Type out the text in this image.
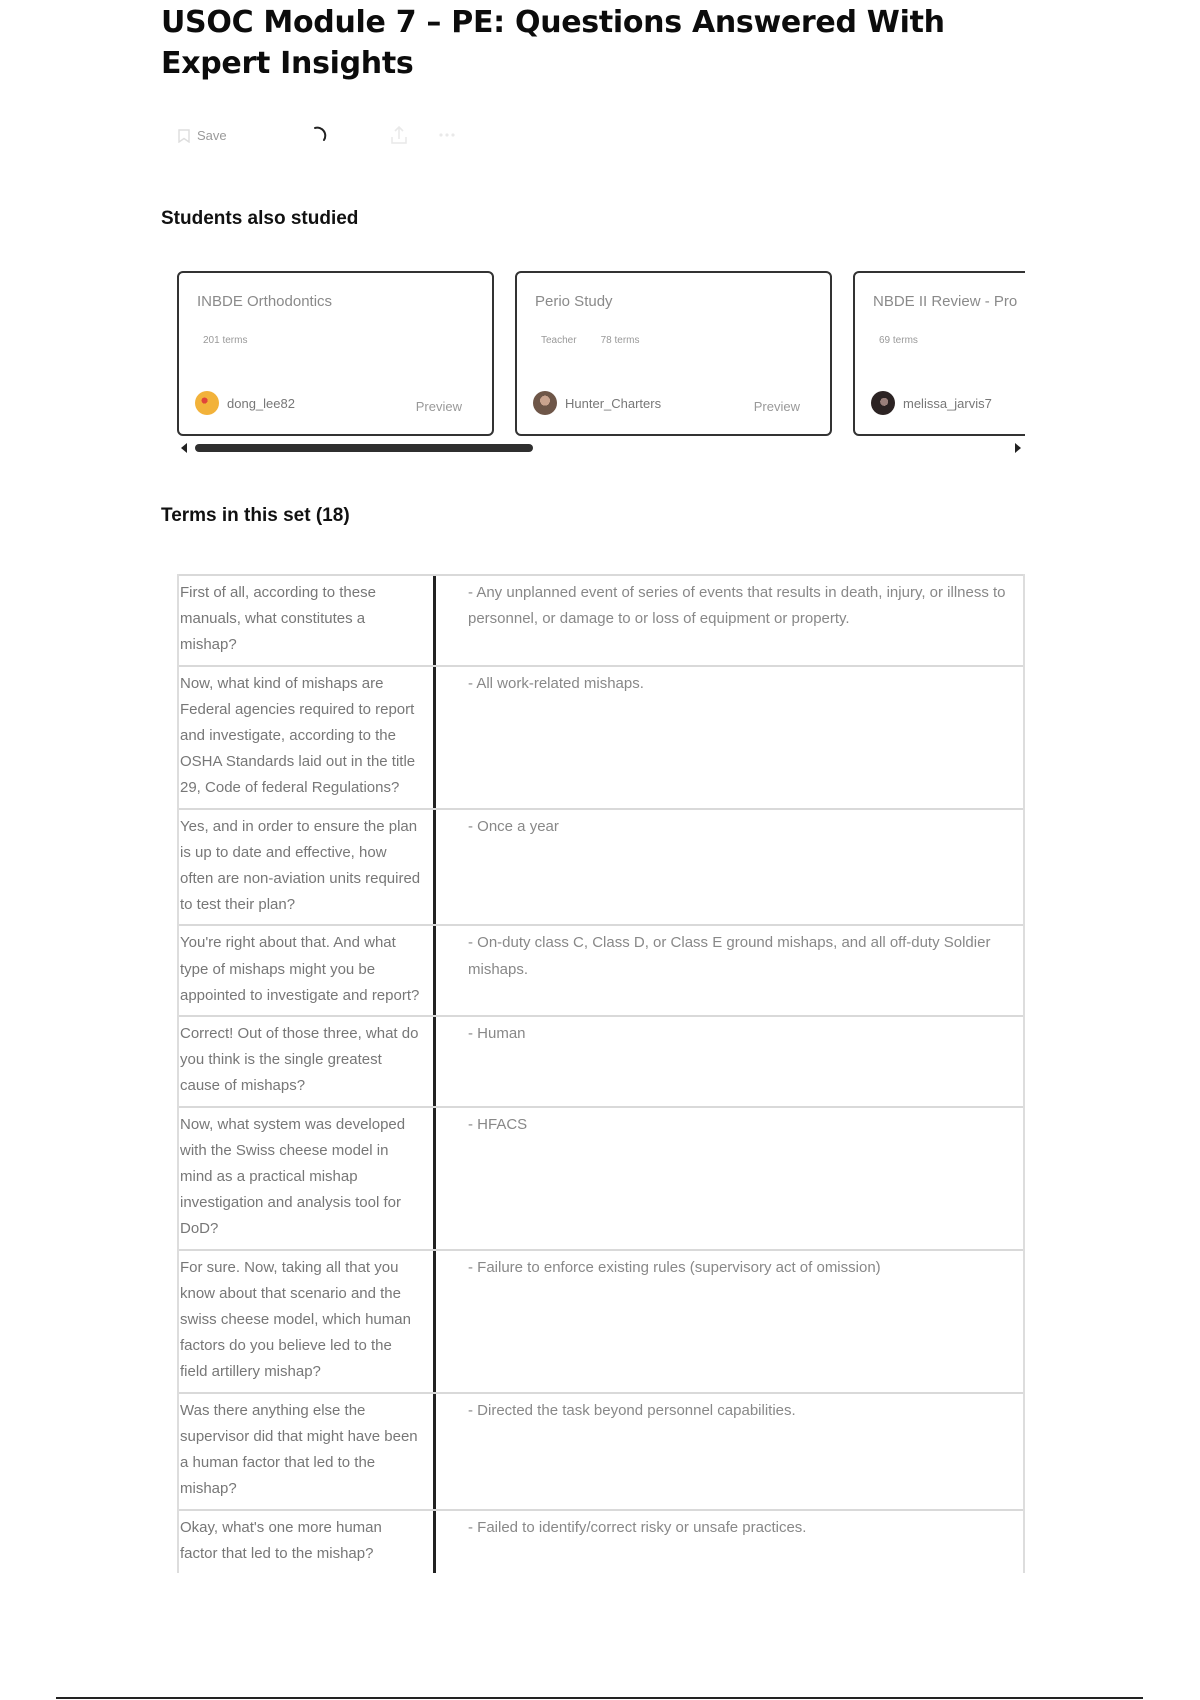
USOC Module 7 – PE: Questions Answered With Expert Insights
Save
Students also studied
INBDE Orthodontics
201 terms
dong_lee82	Preview
Perio Study
Teacher 78 terms
Hunter_Charters	Preview
NBDE II Review - Pro
69 terms
melissa_jarvis7
Terms in this set (18)
First of all, according to these manuals, what constitutes a mishap?
- Any unplanned event of series of events that results in death, injury, or illness to personnel, or damage to or loss of equipment or property.
Now, what kind of mishaps are Federal agencies required to report and investigate, according to the OSHA Standards laid out in the title 29, Code of federal Regulations?
- All work-related mishaps.
Yes, and in order to ensure the plan is up to date and effective, how often are non-aviation units required to test their plan?
- Once a year
You're right about that. And what type of mishaps might you be appointed to investigate and report?
- On-duty class C, Class D, or Class E ground mishaps, and all off-duty Soldier mishaps.
Correct! Out of those three, what do you think is the single greatest cause of mishaps?
- Human
Now, what system was developed with the Swiss cheese model in mind as a practical mishap investigation and analysis tool for DoD?
- HFACS
For sure. Now, taking all that you know about that scenario and the swiss cheese model, which human factors do you believe led to the field artillery mishap?
- Failure to enforce existing rules (supervisory act of omission)
Was there anything else the supervisor did that might have been a human factor that led to the mishap?
- Directed the task beyond personnel capabilities.
Okay, what's one more human factor that led to the mishap?
- Failed to identify/correct risky or unsafe practices.
